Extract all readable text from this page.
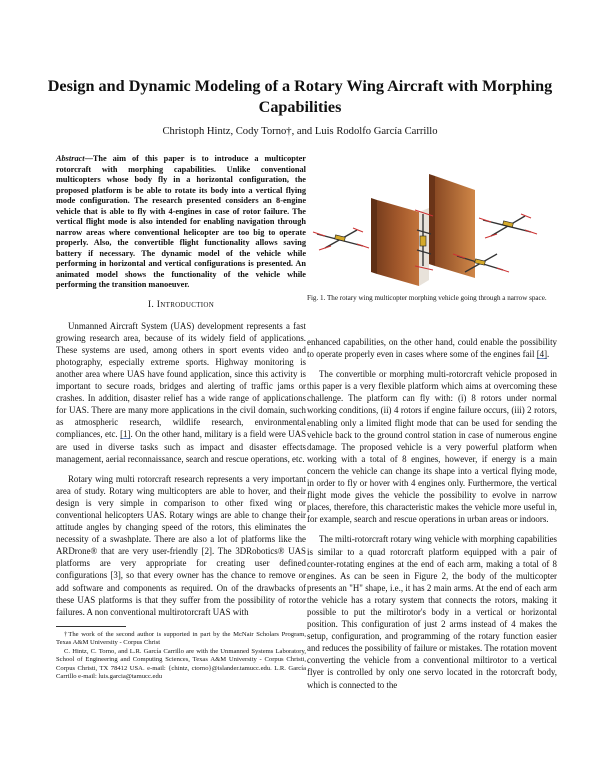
Design and Dynamic Modeling of a Rotary Wing Aircraft with Morphing Capabilities

Christoph Hintz, Cody Torno†, and Luis Rodolfo García Carrillo

Abstract—The aim of this paper is to introduce a multicopter rotorcraft with morphing capabilities. Unlike conventional multicopters whose body fly in a horizontal configuration, the proposed platform is be able to rotate its body into a vertical flying mode configuration. The research presented considers an 8-engine vehicle that is able to fly with 4-engines in case of rotor failure. The vertical flight mode is also intended for enabling navigation through narrow areas where conventional helicopter are too big to operate properly. Also, the convertible flight functionality allows saving battery if necessary. The dynamic model of the vehicle while performing in horizontal and vertical configurations is presented. An animated model shows the functionality of the vehicle while performing the transition manoeuver.

I. Introduction

Unmanned Aircraft System (UAS) development represents a fast growing research area, because of its widely field of applications. These systems are used, among others in sport events video and photography, especially extreme sports. Highway monitoring is another area where UAS have found application, since this activity is important to secure roads, bridges and alerting of traffic jams or crashes. In addition, disaster relief has a wide range of applications for UAS. There are many more applications in the civil domain, such as atmospheric research, wildlife research, environmental compliances, etc. [1]. On the other hand, military is a field were UAS are used in diverse tasks such as impact and disaster effects management, aerial reconnaissance, search and rescue operations, etc.

Rotary wing multi rotorcraft research represents a very important area of study. Rotary wing multicopters are able to hover, and their design is very simple in comparison to other fixed wing or conventional helicopters UAS. Rotary wings are able to change their attitude angles by changing speed of the rotors, this eliminates the necessity of a swashplate. There are also a lot of platforms like the ARDrone® that are very user-friendly [2]. The 3DRobotics® UAS platforms are very appropriate for creating user defined configurations [3], so that every owner has the chance to remove or add software and components as required. On of the drawbacks of these UAS platforms is that they suffer from the possibility of rotor failures. A non conventional multirotorcraft UAS with

†The work of the second author is supported in part by the McNair Scholars Program, Texas A&M University - Corpus Christ

C. Hintz, C. Torno, and L.R. García Carrillo are with the Unmanned Systems Laboratory, School of Engineering and Computing Sciences, Texas A&M University - Corpus Christi, Corpus Christi, TX 78412 USA. e-mail: {chintz, ctorno}@islander.tamucc.edu. L.R. García Carrillo e-mail: luis.garcia@tamucc.edu

Fig. 1. The rotary wing multicopter morphing vehicle going through a narrow space.

enhanced capabilities, on the other hand, could enable the possibility to operate properly even in cases where some of the engines fail [4].

The convertible or morphing multi-rotorcraft vehicle proposed in this paper is a very flexible platform which aims at overcoming these challenge. The platform can fly with: (i) 8 rotors under normal working conditions, (ii) 4 rotors if engine failure occurs, (iii) 2 rotors, enabling only a limited flight mode that can be used for sending the vehicle back to the ground control station in case of numerous engine damage. The proposed vehicle is a very powerful platform when working with a total of 8 engines, however, if energy is a main concern the vehicle can change its shape into a vertical flying mode, in order to fly or hover with 4 engines only. Furthermore, the vertical flight mode gives the vehicle the possibility to evolve in narrow places, therefore, this characteristic makes the vehicle more useful in, for example, search and rescue operations in urban areas or indoors.

The milti-rotorcraft rotary wing vehicle with morphing capabilities is similar to a quad rotorcraft platform equipped with a pair of counter-rotating engines at the end of each arm, making a total of 8 engines. As can be seen in Figure 2, the body of the multicopter presents an "H" shape, i.e., it has 2 main arms. At the end of each arm the vehicle has a rotary system that connects the rotors, making it possible to put the miltirotor's body in a vertical or horizontal position. This configuration of just 2 arms instead of 4 makes the setup, configuration, and programming of the rotary function easier and reduces the possibility of failure or mistakes. The rotation movent converting the vehicle from a conventional miltirotor to a vertical flyer is controlled by only one servo located in the rotorcraft body, which is connected to the
